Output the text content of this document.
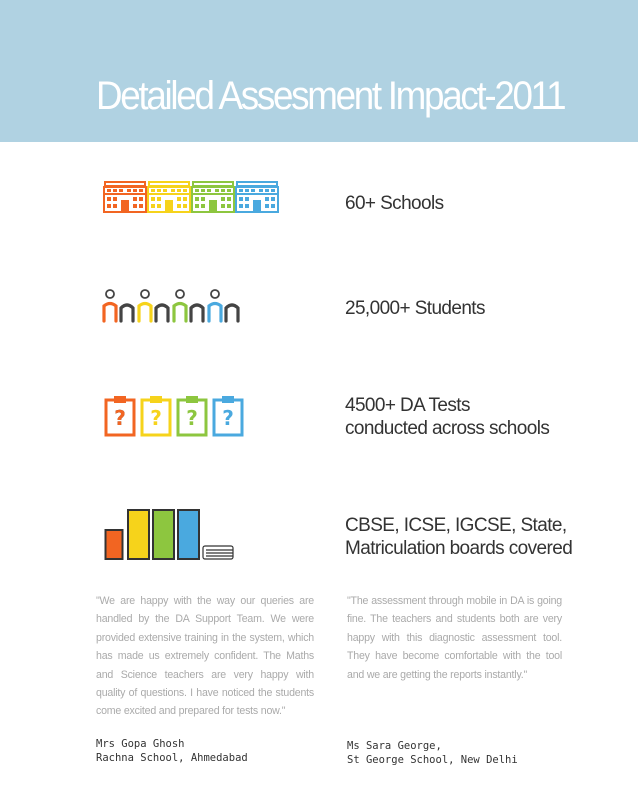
Detailed Assesment Impact-2011
60+ Schools
25,000+ Students
4500+ DA Tests conducted across schools
CBSE, ICSE, IGCSE, State, Matriculation boards covered
"We are happy with the way our queries are handled by the DA Support Team. We were provided extensive training in the system, which has made us extremely confident. The Maths and Science teachers are very happy with quality of questions. I have noticed the students come excited and prepared for tests now."
"The assessment through mobile in DA is going fine. The teachers and students both are very happy with this diagnostic assessment tool. They have become comfortable with the tool and we are getting the reports instantly."
Mrs Gopa Ghosh
Rachna School, Ahmedabad
Ms Sara George,
St George School, New Delhi
